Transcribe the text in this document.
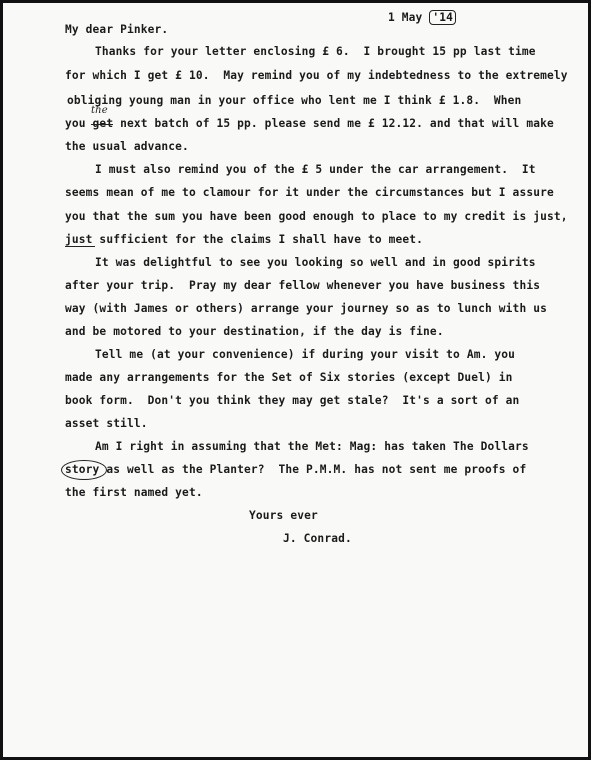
1 May '14
My dear Pinker.
Thanks for your letter enclosing £ 6.  I brought 15 pp last time
for which I get £ 10.  May remind you of my indebtedness to the extremely
obliging young man in your office who lent me I think £ 1.8.  When
you get next batch of 15 pp. please send me £ 12.12. and that will make
the usual advance.
the
I must also remind you of the £ 5 under the car arrangement.  It
seems mean of me to clamour for it under the circumstances but I assure
you that the sum you have been good enough to place to my credit is just,
just sufficient for the claims I shall have to meet.
It was delightful to see you looking so well and in good spirits
after your trip.  Pray my dear fellow whenever you have business this
way (with James or others) arrange your journey so as to lunch with us
and be motored to your destination, if the day is fine.
Tell me (at your convenience) if during your visit to Am. you
made any arrangements for the Set of Six stories (except Duel) in
book form.  Don't you think they may get stale?  It's a sort of an
asset still.
Am I right in assuming that the Met: Mag: has taken The Dollars
story as well as the Planter?  The P.M.M. has not sent me proofs of
the first named yet.
Yours ever
J. Conrad.
